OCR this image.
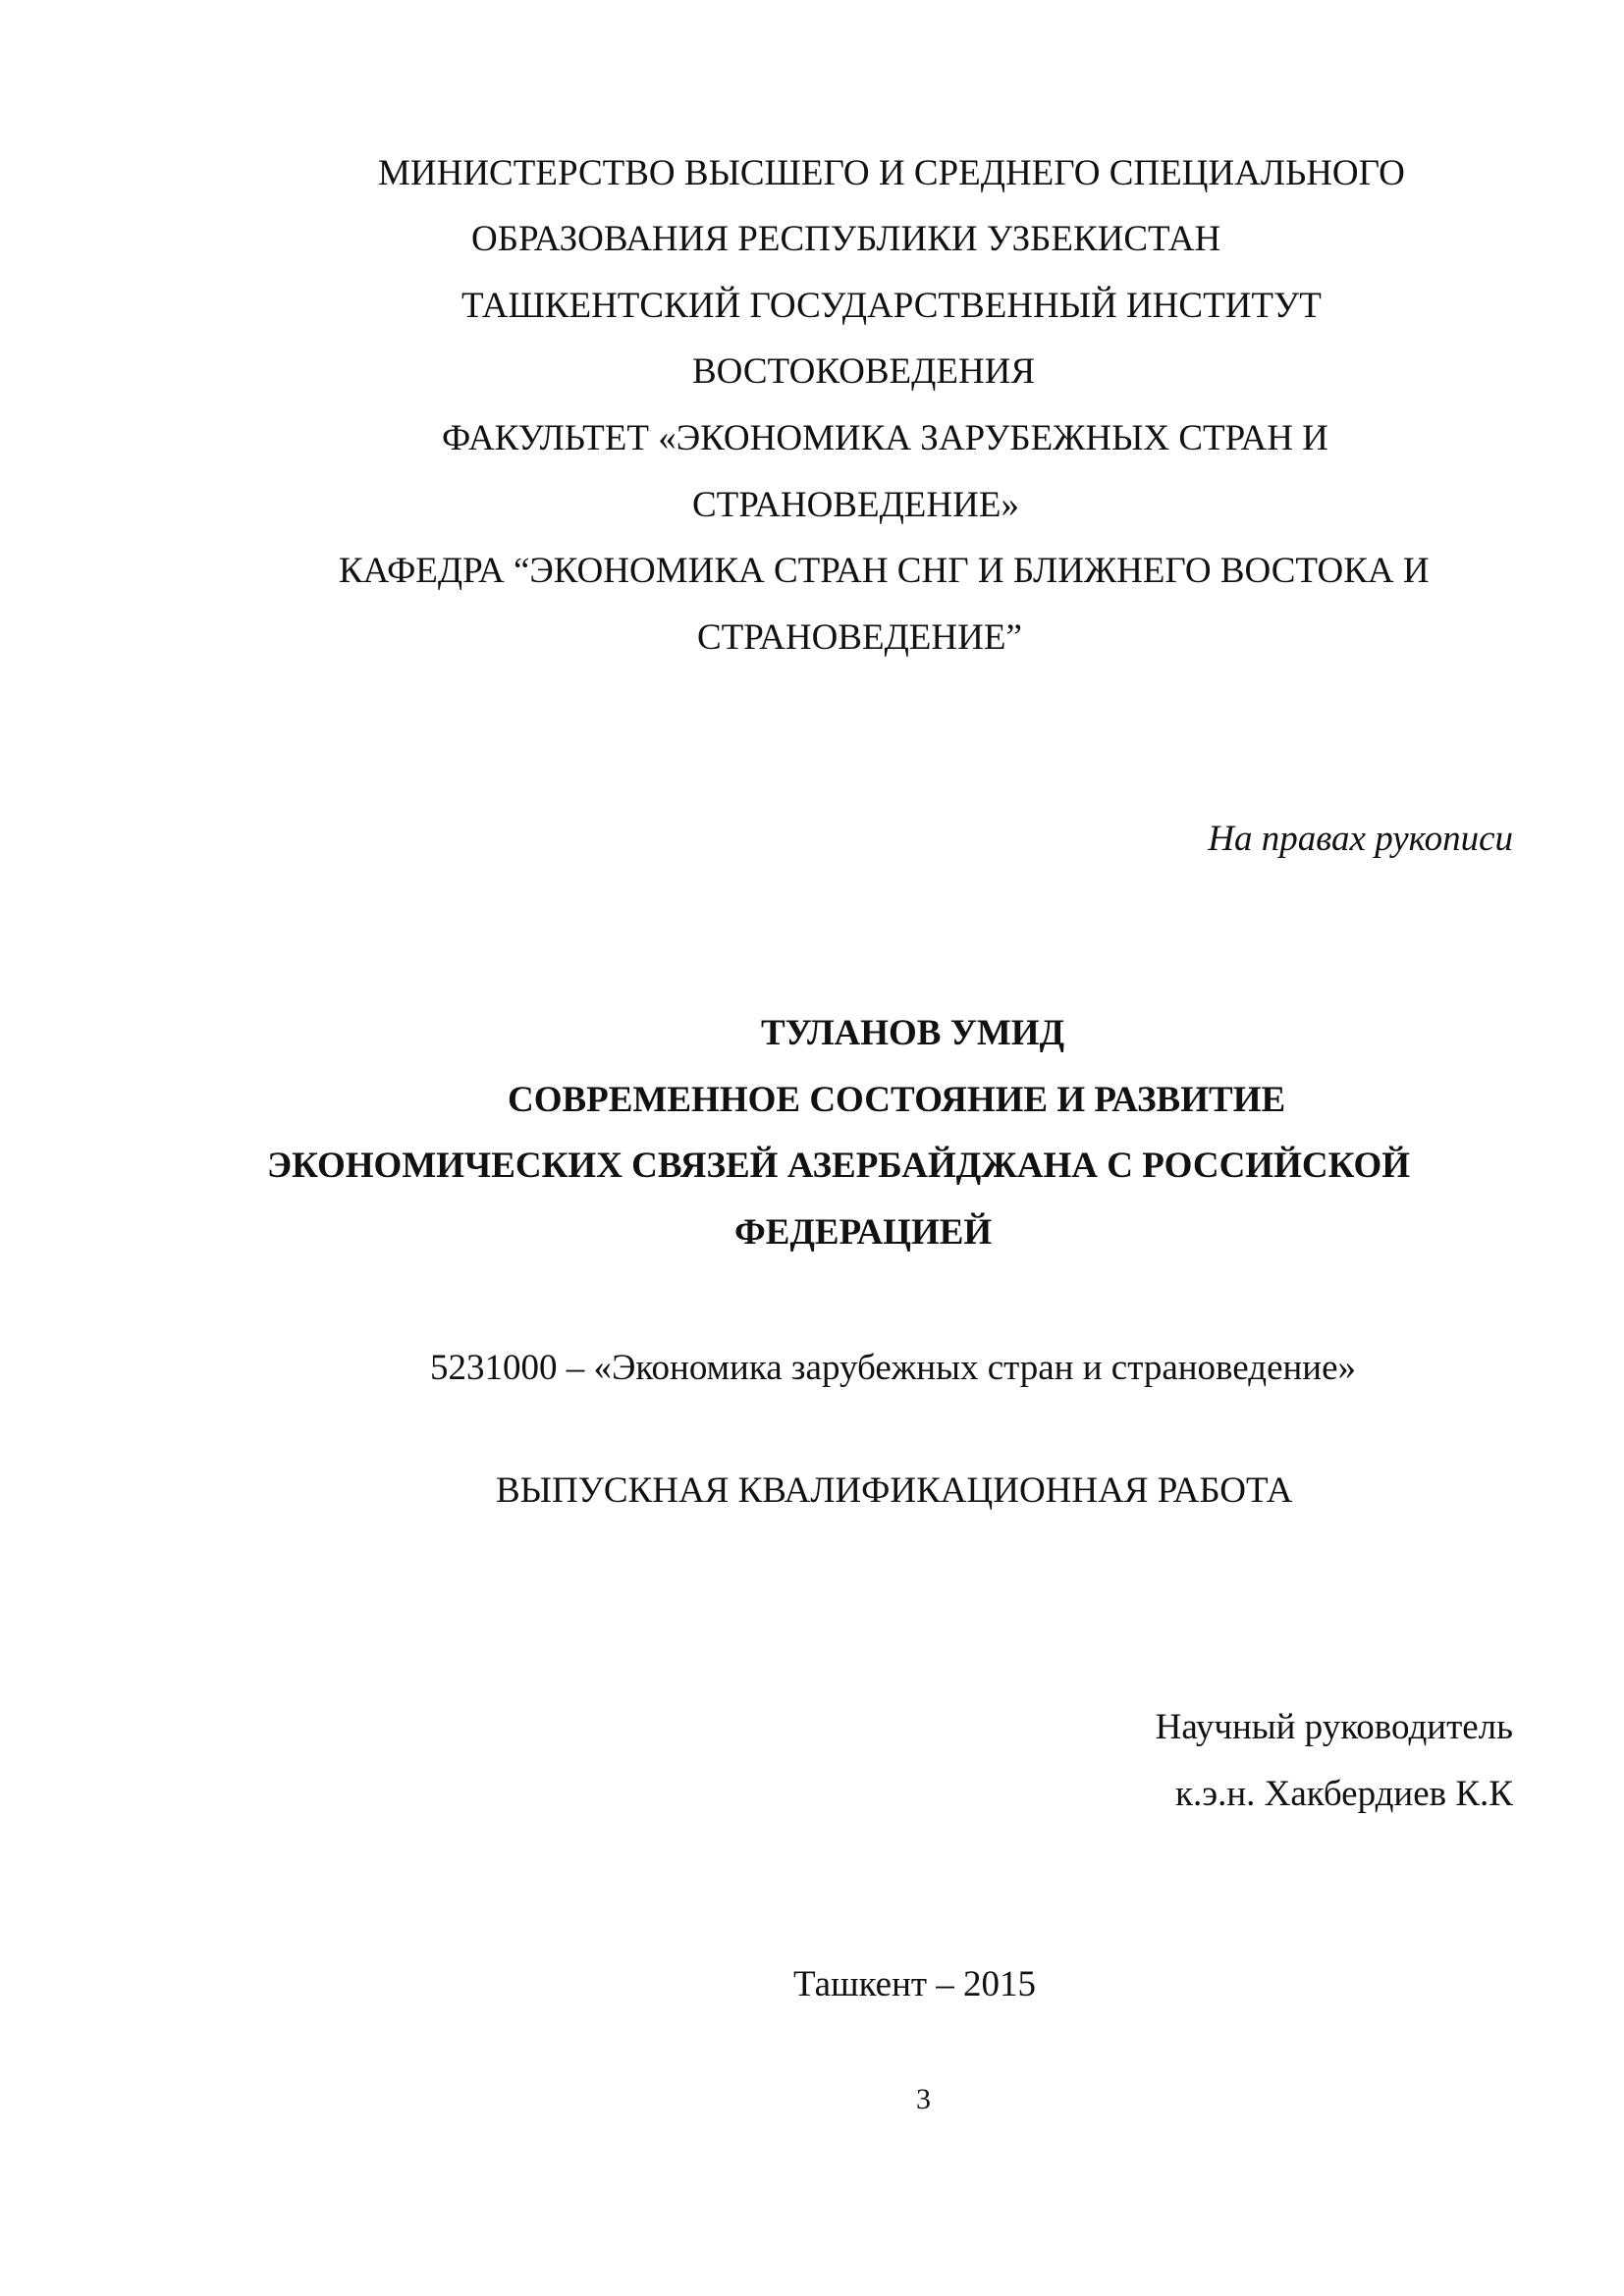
МИНИСТЕРСТВО ВЫСШЕГО И СРЕДНЕГО СПЕЦИАЛЬНОГО
ОБРАЗОВАНИЯ РЕСПУБЛИКИ УЗБЕКИСТАН
ТАШКЕНТСКИЙ ГОСУДАРСТВЕННЫЙ ИНСТИТУТ
ВОСТОКОВЕДЕНИЯ
ФАКУЛЬТЕТ «ЭКОНОМИКА ЗАРУБЕЖНЫХ СТРАН И
СТРАНОВЕДЕНИЕ»
КАФЕДРА “ЭКОНОМИКА СТРАН СНГ И БЛИЖНЕГО ВОСТОКА И
СТРАНОВЕДЕНИЕ”
На правах рукописи
ТУЛАНОВ УМИД
СОВРЕМЕННОЕ СОСТОЯНИЕ И РАЗВИТИЕ
ЭКОНОМИЧЕСКИХ СВЯЗЕЙ АЗЕРБАЙДЖАНА С РОССИЙСКОЙ
ФЕДЕРАЦИЕЙ
5231000 – «Экономика зарубежных стран и страноведение»
ВЫПУСКНАЯ КВАЛИФИКАЦИОННАЯ РАБОТА
Научный руководитель
к.э.н. Хакбердиев К.К
Ташкент – 2015
3
